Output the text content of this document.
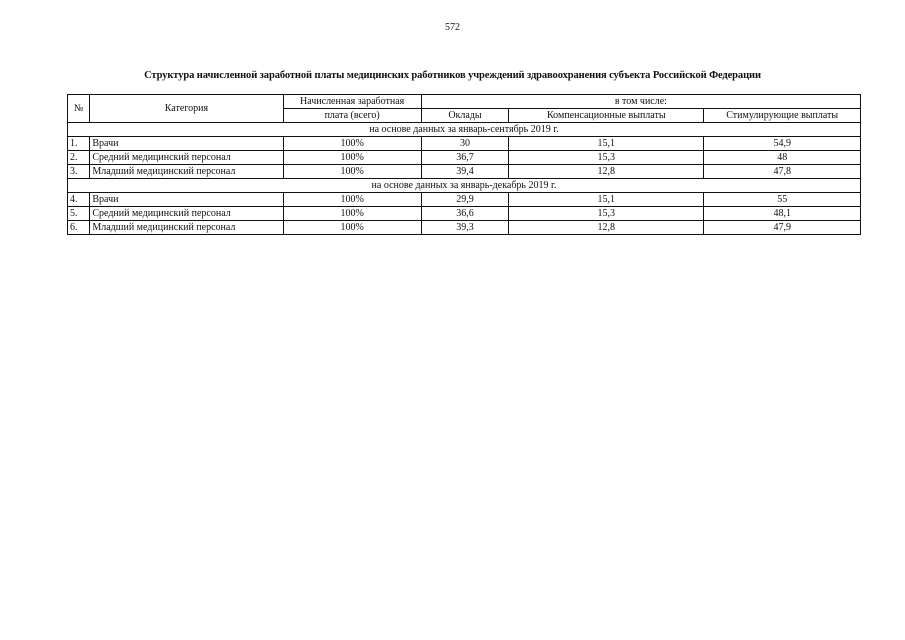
572
Структура начисленной заработной платы медицинских работников учреждений здравоохранения субъекта Российской Федерации
№	Категория	Начисленная заработная	в том числе:		
		плата (всего)	Оклады	Компенсационные выплаты	Стимулирующие выплаты
на основе данных за январь-сентябрь 2019 г.					
1.	Врачи	100%	30	15,1	54,9
2.	Средний медицинский персонал	100%	36,7	15,3	48
3.	Младший медицинский персонал	100%	39,4	12,8	47,8
на основе данных за январь-декабрь 2019 г.					
4.	Врачи	100%	29,9	15,1	55
5.	Средний медицинский персонал	100%	36,6	15,3	48,1
6.	Младший медицинский персонал	100%	39,3	12,8	47,9
